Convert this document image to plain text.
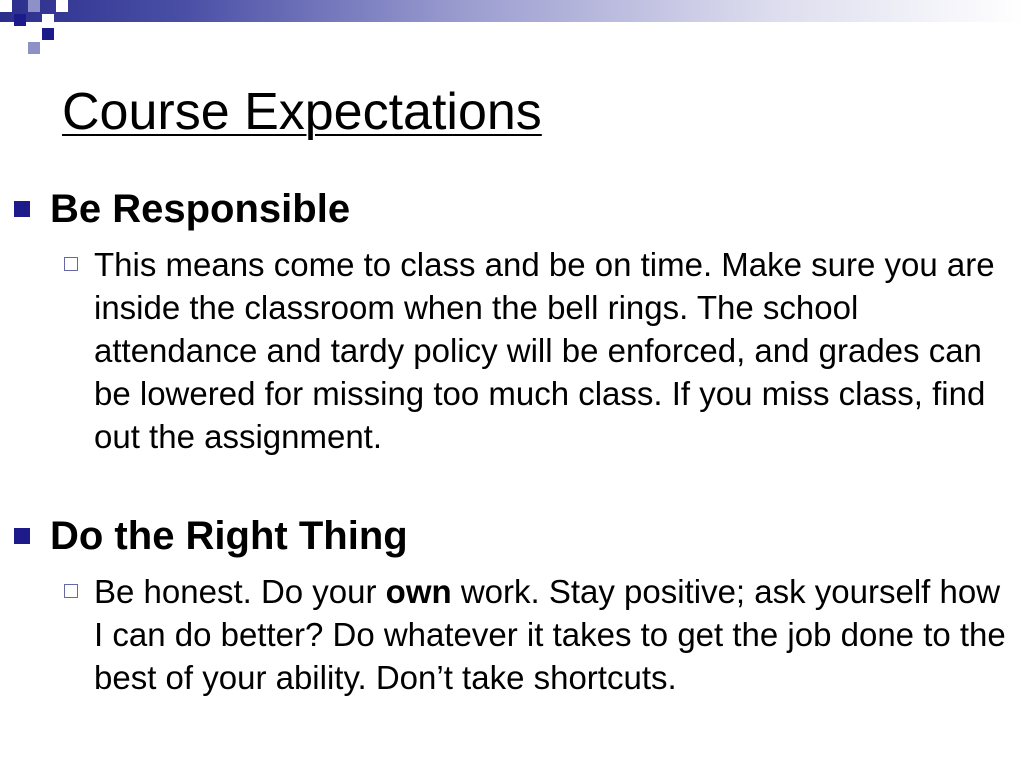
Course Expectations
Be Responsible
This means come to class and be on time. Make sure you are inside the classroom when the bell rings. The school attendance and tardy policy will be enforced, and grades can be lowered for missing too much class. If you miss class, find out the assignment.
Do the Right Thing
Be honest. Do your own work. Stay positive; ask yourself how I can do better? Do whatever it takes to get the job done to the best of your ability. Don’t take shortcuts.
